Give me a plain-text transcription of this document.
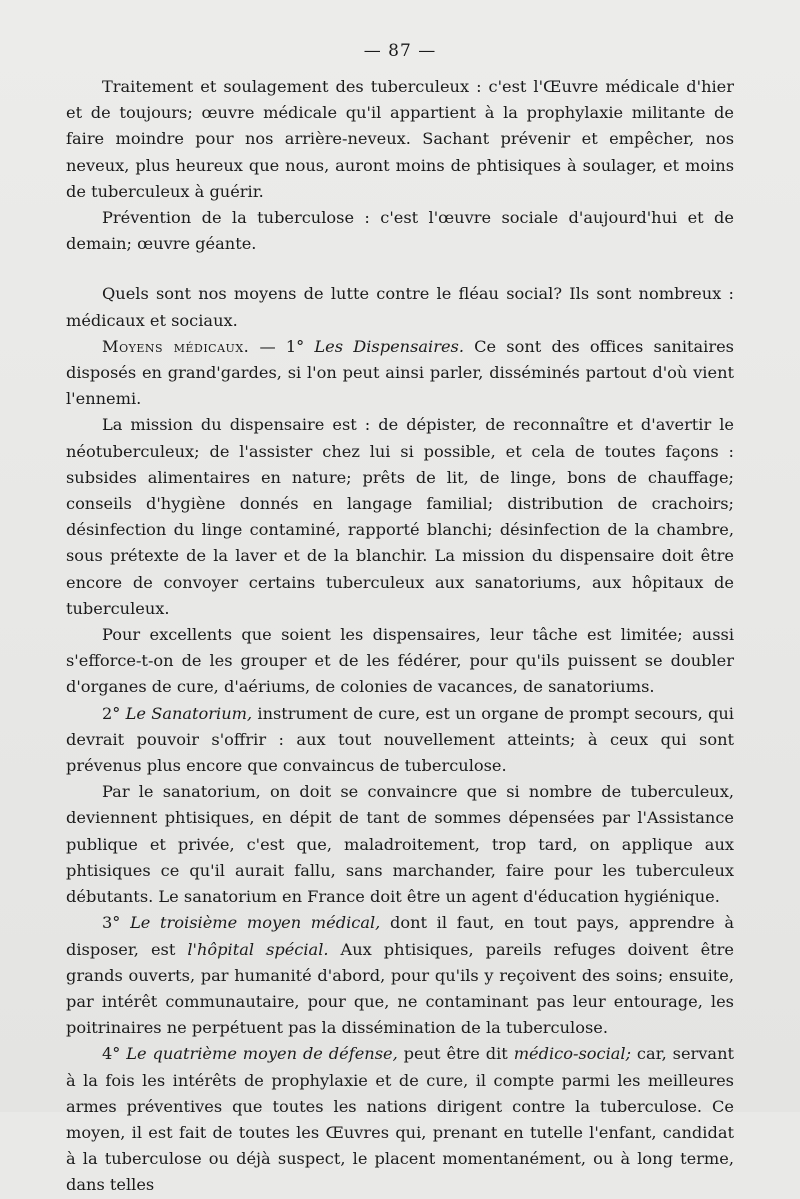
— 87 —

Traitement et soulagement des tuberculeux : c'est l'Œuvre médicale d'hier et de toujours; œuvre médicale qu'il appartient à la prophylaxie militante de faire moindre pour nos arrière-neveux. Sachant prévenir et empêcher, nos neveux, plus heureux que nous, auront moins de phtisiques à soulager, et moins de tuberculeux à guérir.

Prévention de la tuberculose : c'est l'œuvre sociale d'aujourd'hui et de demain; œuvre géante.

Quels sont nos moyens de lutte contre le fléau social? Ils sont nombreux : médicaux et sociaux.

Moyens médicaux. — 1° Les Dispensaires. Ce sont des offices sanitaires disposés en grand'gardes, si l'on peut ainsi parler, disséminés partout d'où vient l'ennemi.

La mission du dispensaire est : de dépister, de reconnaître et d'avertir le néotuberculeux; de l'assister chez lui si possible, et cela de toutes façons : subsides alimentaires en nature; prêts de lit, de linge, bons de chauffage; conseils d'hygiène donnés en langage familial; distribution de crachoirs; désinfection du linge contaminé, rapporté blanchi; désinfection de la chambre, sous prétexte de la laver et de la blanchir. La mission du dispensaire doit être encore de convoyer certains tuberculeux aux sanatoriums, aux hôpitaux de tuberculeux.

Pour excellents que soient les dispensaires, leur tâche est limitée; aussi s'efforce-t-on de les grouper et de les fédérer, pour qu'ils puissent se doubler d'organes de cure, d'aériums, de colonies de vacances, de sanatoriums.

2° Le Sanatorium, instrument de cure, est un organe de prompt secours, qui devrait pouvoir s'offrir : aux tout nouvellement atteints; à ceux qui sont prévenus plus encore que convaincus de tuberculose.

Par le sanatorium, on doit se convaincre que si nombre de tuberculeux, deviennent phtisiques, en dépit de tant de sommes dépensées par l'Assistance publique et privée, c'est que, maladroitement, trop tard, on applique aux phtisiques ce qu'il aurait fallu, sans marchander, faire pour les tuberculeux débutants. Le sanatorium en France doit être un agent d'éducation hygiénique.

3° Le troisième moyen médical, dont il faut, en tout pays, apprendre à disposer, est l'hôpital spécial. Aux phtisiques, pareils refuges doivent être grands ouverts, par humanité d'abord, pour qu'ils y reçoivent des soins; ensuite, par intérêt communautaire, pour que, ne contaminant pas leur entourage, les poitrinaires ne perpétuent pas la dissémination de la tuberculose.

4° Le quatrième moyen de défense, peut être dit médico-social; car, servant à la fois les intérêts de prophylaxie et de cure, il compte parmi les meilleures armes préventives que toutes les nations dirigent contre la tuberculose. Ce moyen, il est fait de toutes les Œuvres qui, prenant en tutelle l'enfant, candidat à la tuberculose ou déjà suspect, le placent momentanément, ou à long terme, dans telles
